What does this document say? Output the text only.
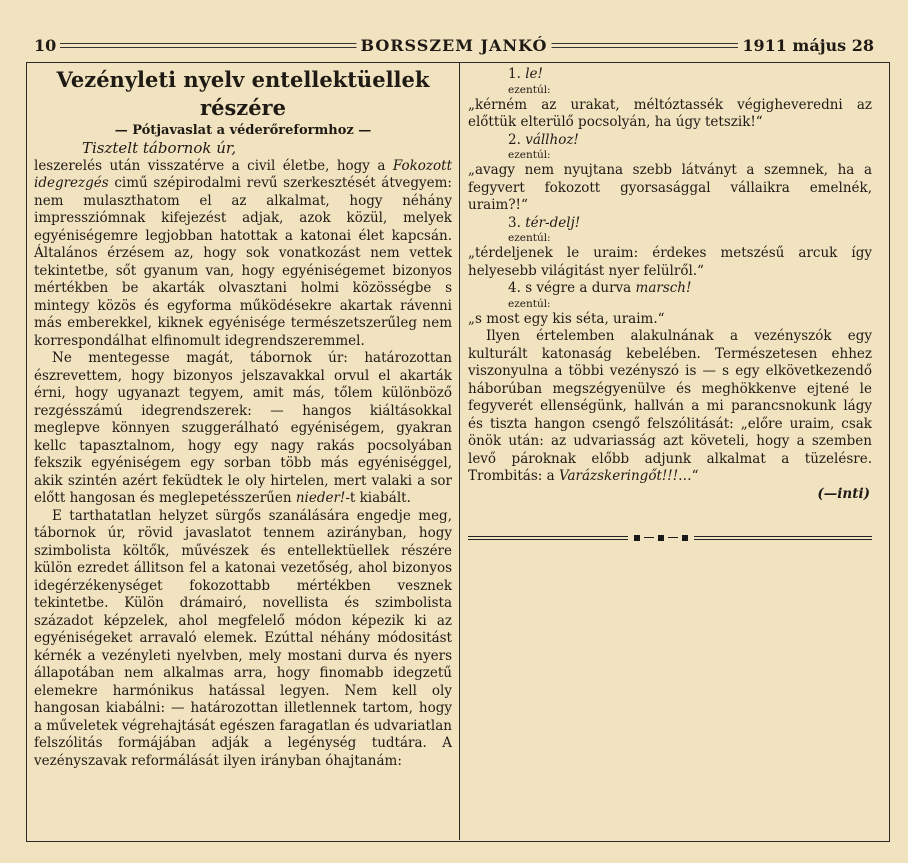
10	BORSSZEM JANKÓ	1911 május 28
Vezényleti nyelv entellektüellek részére

— Pótjavaslat a véderőreformhoz —

Tisztelt tábornok úr,

leszerelés után visszatérve a civil életbe, hogy a Fokozott idegrezgés cimű szépirodalmi revű szerkesztését átvegyem: nem mulaszthatom el az alkalmat, hogy néhány impressziómnak kifejezést adjak, azok közül, melyek egyéniségemre legjobban hatottak a katonai élet kapcsán. Általános érzésem az, hogy sok vonatkozást nem vettek tekintetbe, sőt gyanum van, hogy egyéniségemet bizonyos mértékben be akarták olvasztani holmi közösségbe s mintegy közös és egyforma működésekre akartak rávenni más emberekkel, kiknek egyénisége természetszerűleg nem korrespondálhat elfinomult idegrendszeremmel.

Ne mentegesse magát, tábornok úr: határozottan észrevettem, hogy bizonyos jelszavakkal orvul el akarták érni, hogy ugyanazt tegyem, amit más, tőlem különböző rezgésszámú idegrendszerek: — hangos kiáltásokkal meglepve könnyen szuggerálható egyéniségem, gyakran kellc tapasztalnom, hogy egy nagy rakás pocsolyában fekszik egyéniségem egy sorban több más egyéniséggel, akik szintén azért feküdtek le oly hirtelen, mert valaki a sor előtt hangosan és meglepetésszerűen nieder!-t kiabált.

E tarthatatlan helyzet sürgős szanálására engedje meg, tábornok úr, rövid javaslatot tennem azirányban, hogy szimbolista költők, művészek és entellektüellek részére külön ezredet állitson fel a katonai vezetőség, ahol bizonyos idegérzékenységet fokozottabb mértékben vesznek tekintetbe. Külön drámairó, novellista és szimbolista századot képzelek, ahol megfelelő módon képezik ki az egyéniségeket arravaló elemek. Ezúttal néhány módositást kérnék a vezényleti nyelvben, mely mostani durva és nyers állapotában nem alkalmas arra, hogy finomabb idegzetű elemekre harmónikus hatással legyen. Nem kell oly hangosan kiabálni: — határozottan illetlennek tartom, hogy a műveletek végrehajtását egészen faragatlan és udvariatlan felszólitás formájában adják a legénység tudtára. A vezényszavak reformálását ilyen irányban óhajtanám:

1. le!

ezentúl:

„kérném az urakat, méltóztassék végigheveredni az előttük elterülő pocsolyán, ha úgy tetszik!“

2. vállhoz!

ezentúl:

„avagy nem nyujtana szebb látványt a szemnek, ha a fegyvert fokozott gyorsasággal vállaikra emelnék, uraim?!“

3. tér-delj!

ezentúl:

„térdeljenek le uraim: érdekes metszésű arcuk így helyesebb világitást nyer felülről.“

4. s végre a durva marsch!

ezentúl:

„s most egy kis séta, uraim.“

Ilyen értelemben alakulnának a vezényszók egy kulturált katonaság kebelében. Természetesen ehhez viszonyulna a többi vezényszó is — s egy elkövetkezendő háborúban megszégyenülve és meghökkenve ejtené le fegyverét ellenségünk, hallván a mi parancsnokunk lágy és tiszta hangon csengő felszólitását: „előre uraim, csak önök után: az udvariasság azt követeli, hogy a szemben levő pároknak előbb adjunk alkalmat a tüzelésre. Trombitás: a Varázskeringőt!!!…“

(—inti)
